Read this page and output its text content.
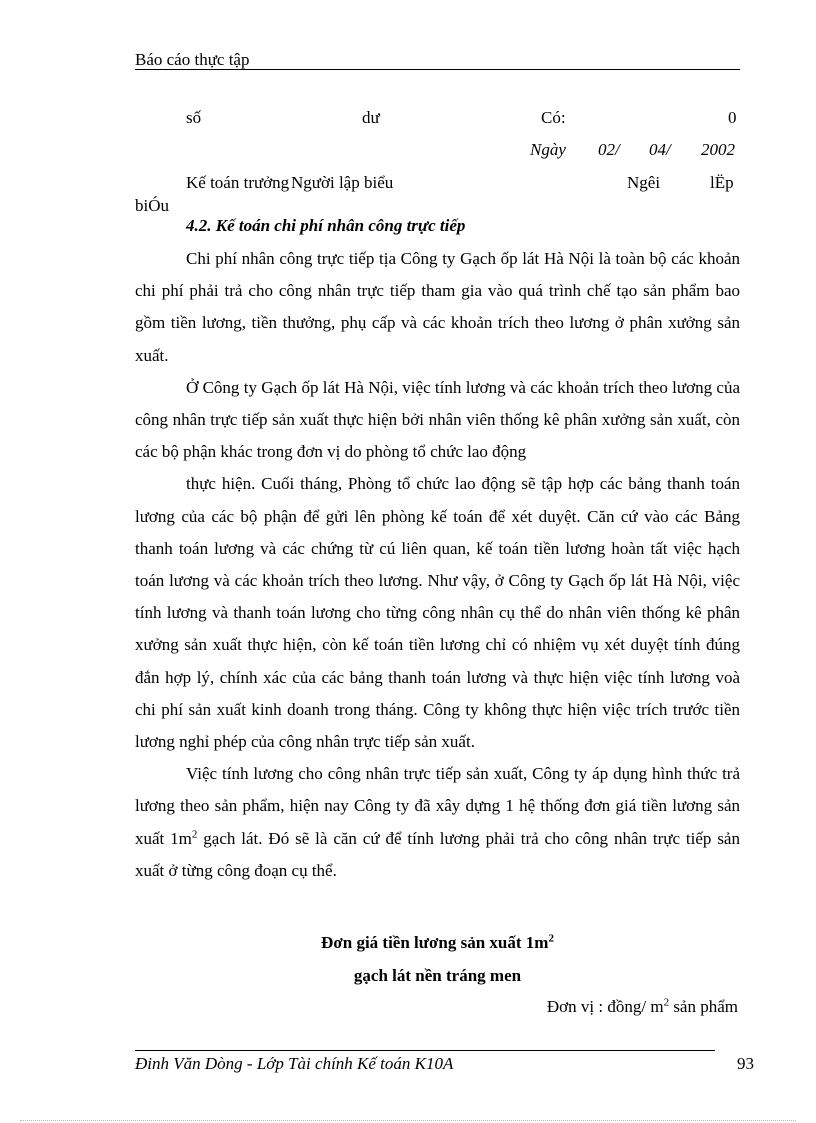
Báo cáo thực tập
số	dư	Có:	0
Ngày 02/ 04/ 2002
Kế toán trưởng Người lập biểu	Ngêi	lËp
biÓu
4.2. Kế toán chi phí nhân công trực tiếp

Chi phí nhân công trực tiếp tịa Công ty Gạch ốp lát Hà Nội là toàn bộ các khoản chi phí phải trả cho công nhân trực tiếp tham gia vào quá trình chế tạo sản phẩm bao gồm tiền lương, tiền thưởng, phụ cấp và các khoản trích theo lương ở phân xưởng sản xuất.

Ở Công ty Gạch ốp lát Hà Nội, việc tính lương và các khoản trích theo lương của công nhân trực tiếp sản xuất thực hiện bởi nhân viên thống kê phân xưởng sản xuất, còn các bộ phận khác trong đơn vị do phòng tổ chức lao động

thực hiện. Cuối tháng, Phòng tổ chức lao động sẽ tập hợp các bảng thanh toán lương của các bộ phận để gửi lên phòng kế toán để xét duyệt. Căn cứ vào các Bảng thanh toán lương và các chứng từ cú liên quan, kế toán tiền lương hoàn tất việc hạch toán lương và các khoản trích theo lương. Như vậy, ở Công ty Gạch ốp lát Hà Nội, việc tính lương và thanh toán lương cho từng công nhân cụ thể do nhân viên thống kê phân xưởng sản xuất thực hiện, còn kế toán tiền lương chỉ có nhiệm vụ xét duyệt tính đúng đắn hợp lý, chính xác của các bảng thanh toán lương và thực hiện việc tính lương voà chi phí sản xuất kinh doanh trong tháng. Công ty không thực hiện việc trích trước tiền lương nghỉ phép của công nhân trực tiếp sản xuất.

Việc tính lương cho công nhân trực tiếp sản xuất, Công ty áp dụng hình thức trả lương theo sản phẩm, hiện nay Công ty đã xây dựng 1 hệ thống đơn giá tiền lương sản xuất $1m^2$ gạch lát. Đó sẽ là căn cứ để tính lương phải trả cho công nhân trực tiếp sản xuất ở từng công đoạn cụ thể.

Đơn giá tiền lương sản xuất $1m^2$
gạch lát nền tráng men
Đơn vị : đồng/ $m^2$ sản phẩm
Đinh Văn Dòng - Lớp Tài chính Kế toán K10A	93
